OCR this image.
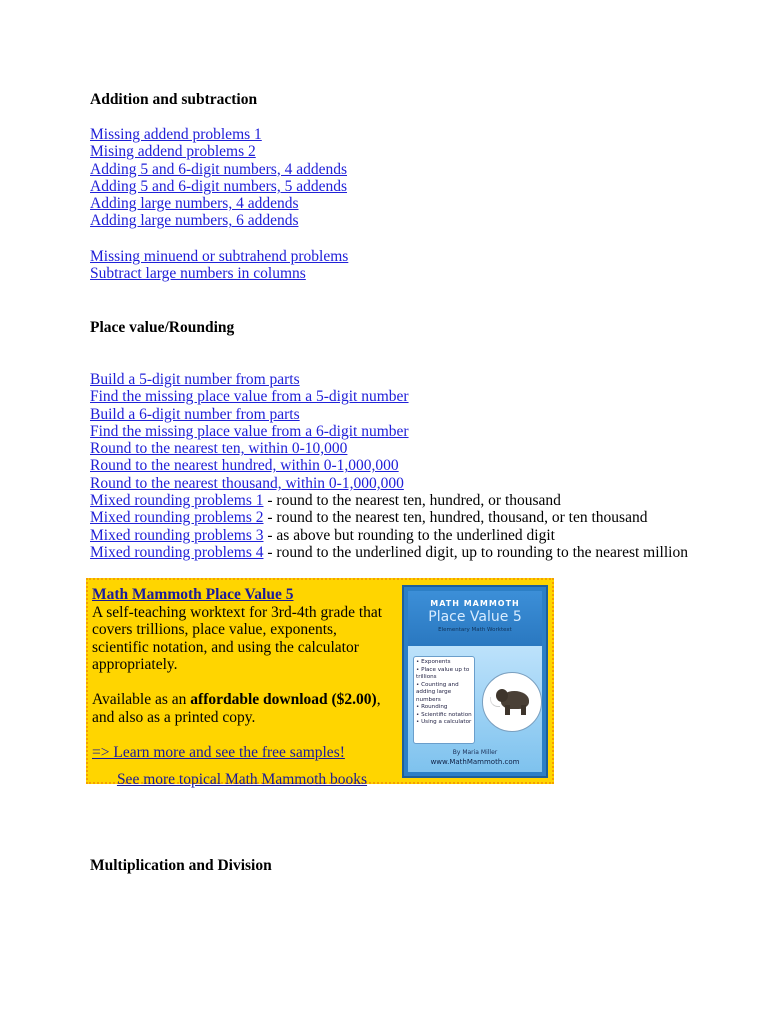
Addition and subtraction
Missing addend problems 1
Mising addend problems 2
Adding 5 and 6-digit numbers, 4 addends
Adding 5 and 6-digit numbers, 5 addends
Adding large numbers, 4 addends
Adding large numbers, 6 addends
Missing minuend or subtrahend problems
Subtract large numbers in columns
Place value/Rounding
Build a 5-digit number from parts
Find the missing place value from a 5-digit number
Build a 6-digit number from parts
Find the missing place value from a 6-digit number
Round to the nearest ten, within 0-10,000
Round to the nearest hundred, within 0-1,000,000
Round to the nearest thousand, within 0-1,000,000
Mixed rounding problems 1 - round to the nearest ten, hundred, or thousand
Mixed rounding problems 2 - round to the nearest ten, hundred, thousand, or ten thousand
Mixed rounding problems 3 - as above but rounding to the underlined digit
Mixed rounding problems 4 - round to the underlined digit, up to rounding to the nearest million

Math Mammoth Place Value 5

A self-teaching worktext for 3rd-4th grade that covers trillions, place value, exponents, scientific notation, and using the calculator appropriately.

Available as an affordable download ($2.00), and also as a printed copy.

=> Learn more and see the free samples!

See more topical Math Mammoth books
MATH MAMMOTH
Place Value 5
Elementary Math Worktext
• Exponents
• Place value up to trillions
• Counting and adding large numbers
• Rounding
• Scientific notation
• Using a calculator
By Maria Miller
www.MathMammoth.com
Multiplication and Division
